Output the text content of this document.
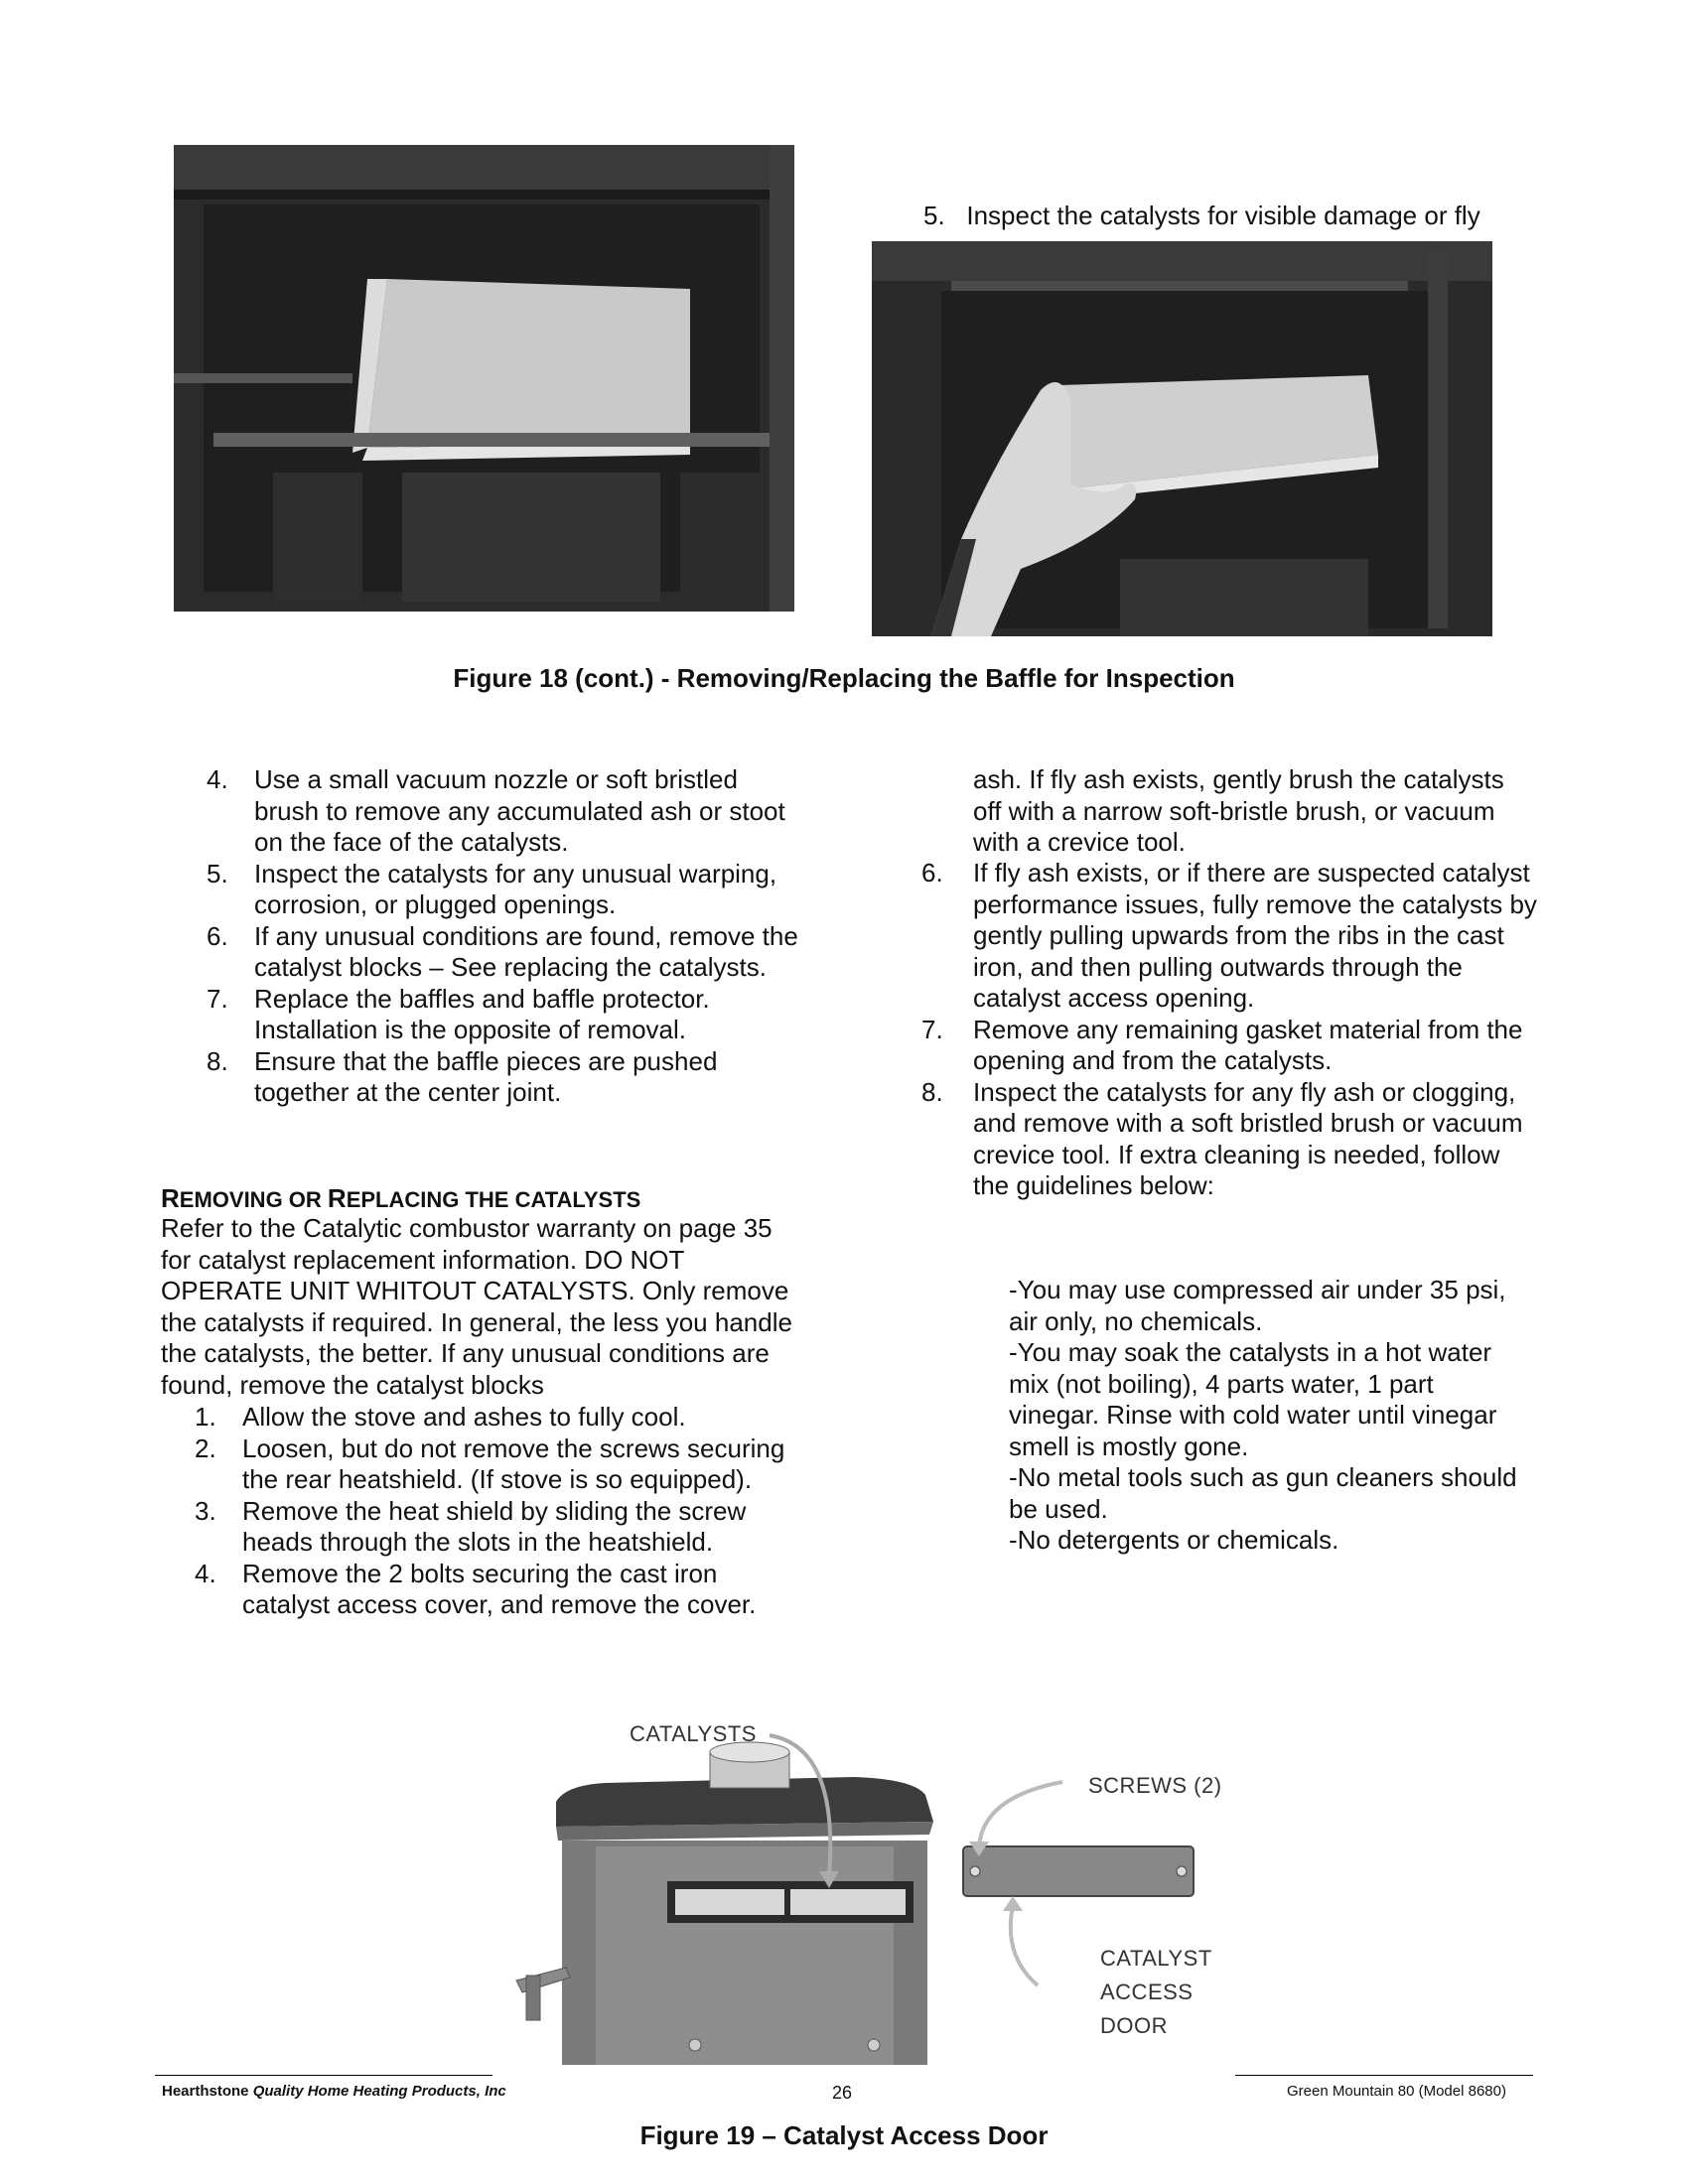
5.   Inspect the catalysts for visible damage or fly
Figure 18 (cont.) - Removing/Replacing the Baffle for Inspection
4. Use a small vacuum nozzle or soft bristled brush to remove any accumulated ash or stoot on the face of the catalysts.
5. Inspect the catalysts for any unusual warping, corrosion, or plugged openings.
6. If any unusual conditions are found, remove the catalyst blocks – See replacing the catalysts.
7. Replace the baffles and baffle protector. Installation is the opposite of removal.
8. Ensure that the baffle pieces are pushed together at the center joint.
REMOVING OR REPLACING THE CATALYSTS
Refer to the Catalytic combustor warranty on page 35 for catalyst replacement information. DO NOT OPERATE UNIT WHITOUT CATALYSTS. Only remove the catalysts if required. In general, the less you handle the catalysts, the better. If any unusual conditions are found, remove the catalyst blocks
1. Allow the stove and ashes to fully cool.
2. Loosen, but do not remove the screws securing the rear heatshield. (If stove is so equipped).
3. Remove the heat shield by sliding the screw heads through the slots in the heatshield.
4. Remove the 2 bolts securing the cast iron catalyst access cover, and remove the cover.
ash. If fly ash exists, gently brush the catalysts off with a narrow soft-bristle brush, or vacuum with a crevice tool.
6. If fly ash exists, or if there are suspected catalyst performance issues, fully remove the catalysts by gently pulling upwards from the ribs in the cast iron, and then pulling outwards through the catalyst access opening.
7. Remove any remaining gasket material from the opening and from the catalysts.
8. Inspect the catalysts for any fly ash or clogging, and remove with a soft bristled brush or vacuum crevice tool. If extra cleaning is needed, follow the guidelines below:
-You may use compressed air under 35 psi, air only, no chemicals.
-You may soak the catalysts in a hot water mix (not boiling), 4 parts water, 1 part vinegar. Rinse with cold water until vinegar smell is mostly gone.
-No metal tools such as gun cleaners should be used.
-No detergents or chemicals.
CATALYSTS
SCREWS (2)
CATALYST
ACCESS
DOOR
Hearthstone Quality Home Heating Products, Inc	26	Green Mountain 80 (Model 8680)
Figure 19 – Catalyst Access Door
